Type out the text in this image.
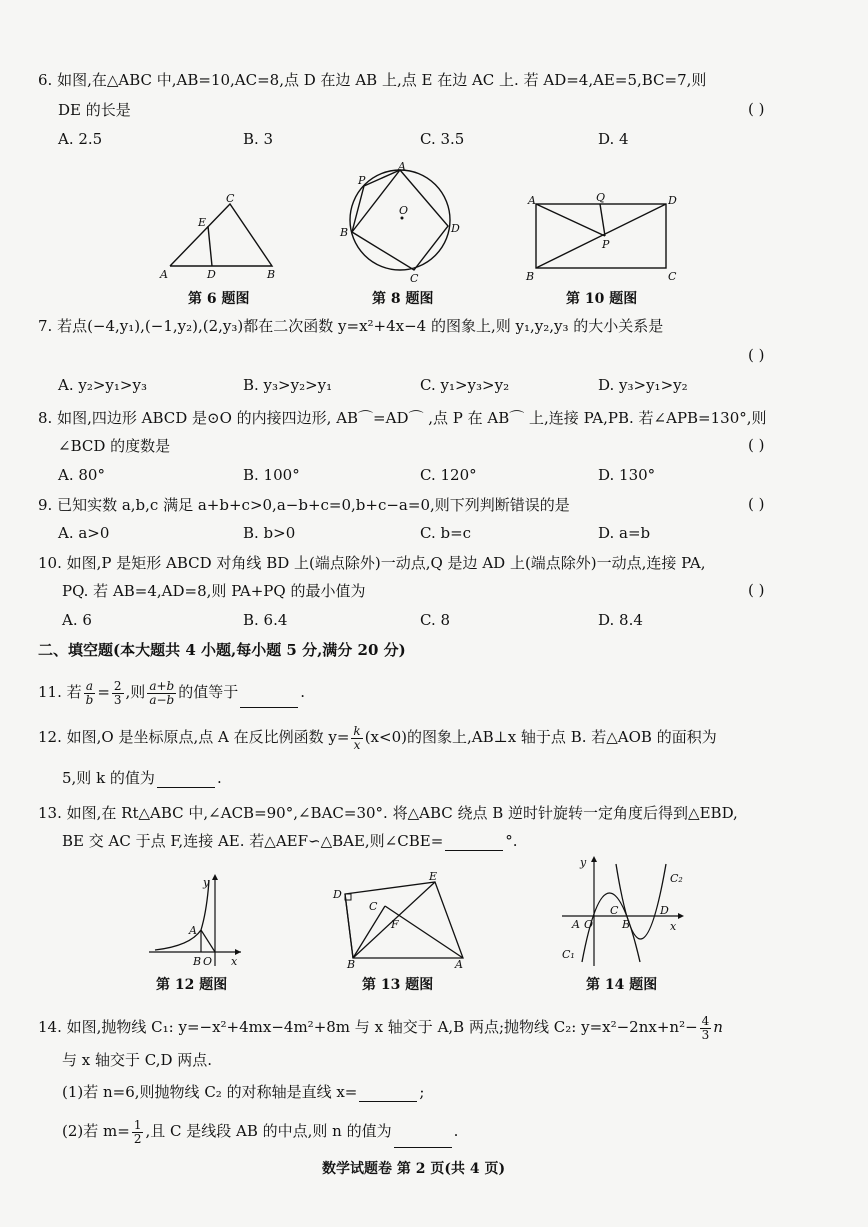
6. 如图,在△ABC 中,AB=10,AC=8,点 D 在边 AB 上,点 E 在边 AC 上. 若 AD=4,AE=5,BC=7,则
DE 的长是	( )
A. 2.5	B. 3	C. 3.5	D. 4
C
E
A	D	B
第 6 题图
P
A
O
B	D
C
第 8 题图
A	Q	D
P
B	C
第 10 题图
7. 若点(−4,y₁),(−1,y₂),(2,y₃)都在二次函数 y=x²+4x−4 的图象上,则 y₁,y₂,y₃ 的大小关系是
( )
A. y₂>y₁>y₃	B. y₃>y₂>y₁	C. y₁>y₃>y₂	D. y₃>y₁>y₂
8. 如图,四边形 ABCD 是⊙O 的内接四边形, AB⌒=AD⌒ ,点 P 在 AB⌒ 上,连接 PA,PB. 若∠APB=130°,则
∠BCD 的度数是	( )
A. 80°	B. 100°	C. 120°	D. 130°
9. 已知实数 a,b,c 满足 a+b+c>0,a−b+c=0,b+c−a=0,则下列判断错误的是	( )
A. a>0	B. b>0	C. b=c	D. a=b
10. 如图,P 是矩形 ABCD 对角线 BD 上(端点除外)一动点,Q 是边 AD 上(端点除外)一动点,连接 PA,
PQ. 若 AB=4,AD=8,则 PA+PQ 的最小值为	( )
A. 6	B. 6.4	C. 8	D. 8.4
二、填空题(本大题共 4 小题,每小题 5 分,满分 20 分)
11. 若 $\frac{a}{b} = \frac{2}{3}$ ,则 $\frac{a+b}{a-b}$ 的值等于	.
12. 如图,O 是坐标原点,点 A 在反比例函数 $y= \frac{k}{x} (x<0)$的图象上,AB⊥x 轴于点 B. 若△AOB 的面积为
5,则 k 的值为	.
13. 如图,在 Rt△ABC 中,∠ACB=90°,∠BAC=30°. 将△ABC 绕点 B 逆时针旋转一定角度后得到△EBD,
BE 交 AC 于点 F,连接 AE. 若△AEF∽△BAE,则∠CBE=	°.
y
A
B O x
第 12 题图
D
E
C
F
B	A
第 13 题图
y
C₂
A O
C
B
D
x
C₁
第 14 题图
14. 如图,抛物线 C₁: y=−x²+4mx−4m²+8m 与 x 轴交于 A,B 两点;抛物线 C₂: $y=x^2-2nx+n^2- \frac{4}{3}$ n
与 x 轴交于 C,D 两点.
(1)若 n=6,则抛物线 C₂ 的对称轴是直线 x=	;
(2)若 $m= \frac{1}{2}$ ,且 C 是线段 AB 的中点,则 n 的值为	.
数学试题卷 第 2 页(共 4 页)
